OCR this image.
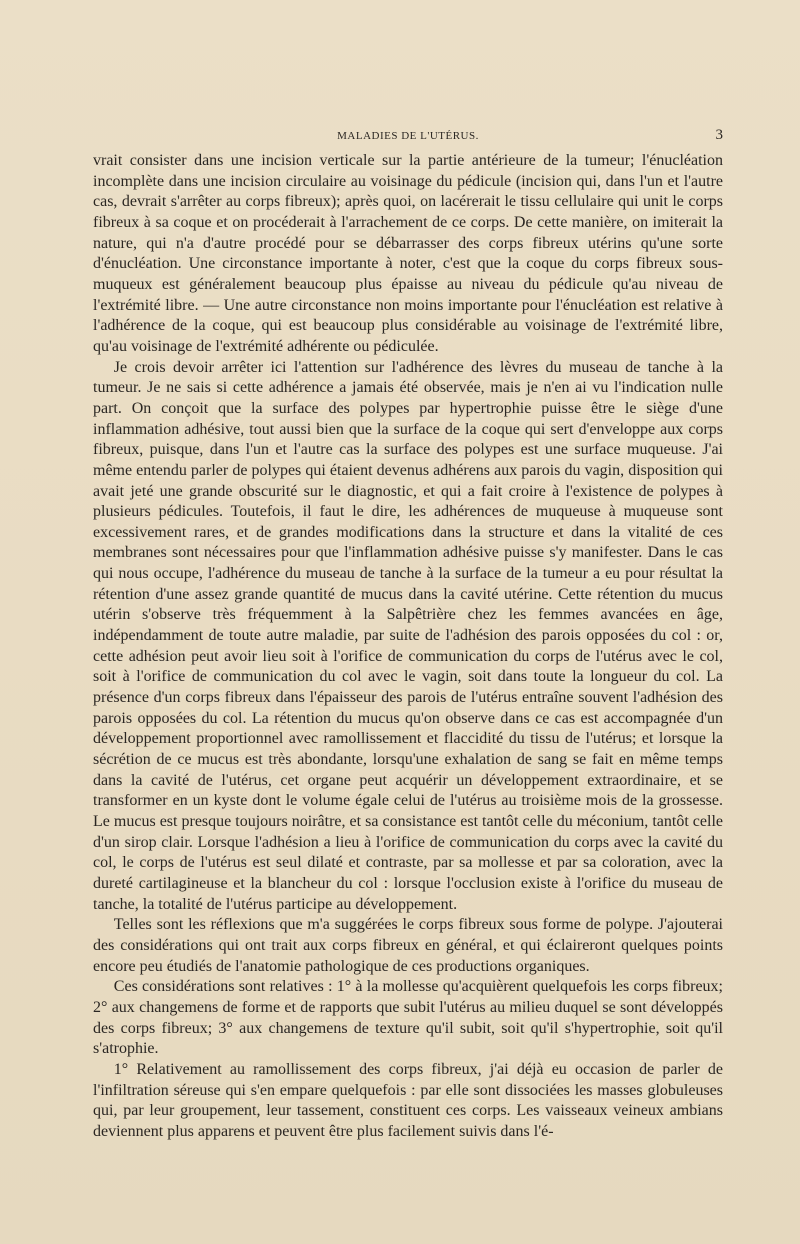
MALADIES DE L'UTÉRUS.	3

vrait consister dans une incision verticale sur la partie antérieure de la tumeur; l'énucléation incomplète dans une incision circulaire au voisinage du pédicule (incision qui, dans l'un et l'autre cas, devrait s'arrêter au corps fibreux); après quoi, on lacérerait le tissu cellulaire qui unit le corps fibreux à sa coque et on procéderait à l'arrachement de ce corps. De cette manière, on imiterait la nature, qui n'a d'autre procédé pour se débarrasser des corps fibreux utérins qu'une sorte d'énucléation. Une circonstance importante à noter, c'est que la coque du corps fibreux sous-muqueux est généralement beaucoup plus épaisse au niveau du pédicule qu'au niveau de l'extrémité libre. — Une autre circonstance non moins importante pour l'énucléation est relative à l'adhérence de la coque, qui est beaucoup plus considérable au voisinage de l'extrémité libre, qu'au voisinage de l'extrémité adhérente ou pédiculée.

Je crois devoir arrêter ici l'attention sur l'adhérence des lèvres du museau de tanche à la tumeur. Je ne sais si cette adhérence a jamais été observée, mais je n'en ai vu l'indication nulle part. On conçoit que la surface des polypes par hypertrophie puisse être le siège d'une inflammation adhésive, tout aussi bien que la surface de la coque qui sert d'enveloppe aux corps fibreux, puisque, dans l'un et l'autre cas la surface des polypes est une surface muqueuse. J'ai même entendu parler de polypes qui étaient devenus adhérens aux parois du vagin, disposition qui avait jeté une grande obscurité sur le diagnostic, et qui a fait croire à l'existence de polypes à plusieurs pédicules. Toutefois, il faut le dire, les adhérences de muqueuse à muqueuse sont excessivement rares, et de grandes modifications dans la structure et dans la vitalité de ces membranes sont nécessaires pour que l'inflammation adhésive puisse s'y manifester. Dans le cas qui nous occupe, l'adhérence du museau de tanche à la surface de la tumeur a eu pour résultat la rétention d'une assez grande quantité de mucus dans la cavité utérine. Cette rétention du mucus utérin s'observe très fréquemment à la Salpêtrière chez les femmes avancées en âge, indépendamment de toute autre maladie, par suite de l'adhésion des parois opposées du col : or, cette adhésion peut avoir lieu soit à l'orifice de communication du corps de l'utérus avec le col, soit à l'orifice de communication du col avec le vagin, soit dans toute la longueur du col. La présence d'un corps fibreux dans l'épaisseur des parois de l'utérus entraîne souvent l'adhésion des parois opposées du col. La rétention du mucus qu'on observe dans ce cas est accompagnée d'un développement proportionnel avec ramollissement et flaccidité du tissu de l'utérus; et lorsque la sécrétion de ce mucus est très abondante, lorsqu'une exhalation de sang se fait en même temps dans la cavité de l'utérus, cet organe peut acquérir un développement extraordinaire, et se transformer en un kyste dont le volume égale celui de l'utérus au troisième mois de la grossesse. Le mucus est presque toujours noirâtre, et sa consistance est tantôt celle du méconium, tantôt celle d'un sirop clair. Lorsque l'adhésion a lieu à l'orifice de communication du corps avec la cavité du col, le corps de l'utérus est seul dilaté et contraste, par sa mollesse et par sa coloration, avec la dureté cartilagineuse et la blancheur du col : lorsque l'occlusion existe à l'orifice du museau de tanche, la totalité de l'utérus participe au développement.

Telles sont les réflexions que m'a suggérées le corps fibreux sous forme de polype. J'ajouterai des considérations qui ont trait aux corps fibreux en général, et qui éclaireront quelques points encore peu étudiés de l'anatomie pathologique de ces productions organiques.

Ces considérations sont relatives : 1° à la mollesse qu'acquièrent quelquefois les corps fibreux; 2° aux changemens de forme et de rapports que subit l'utérus au milieu duquel se sont développés des corps fibreux; 3° aux changemens de texture qu'il subit, soit qu'il s'hypertrophie, soit qu'il s'atrophie.

1° Relativement au ramollissement des corps fibreux, j'ai déjà eu occasion de parler de l'infiltration séreuse qui s'en empare quelquefois : par elle sont dissociées les masses globuleuses qui, par leur groupement, leur tassement, constituent ces corps. Les vaisseaux veineux ambians deviennent plus apparens et peuvent être plus facilement suivis dans l'é-
